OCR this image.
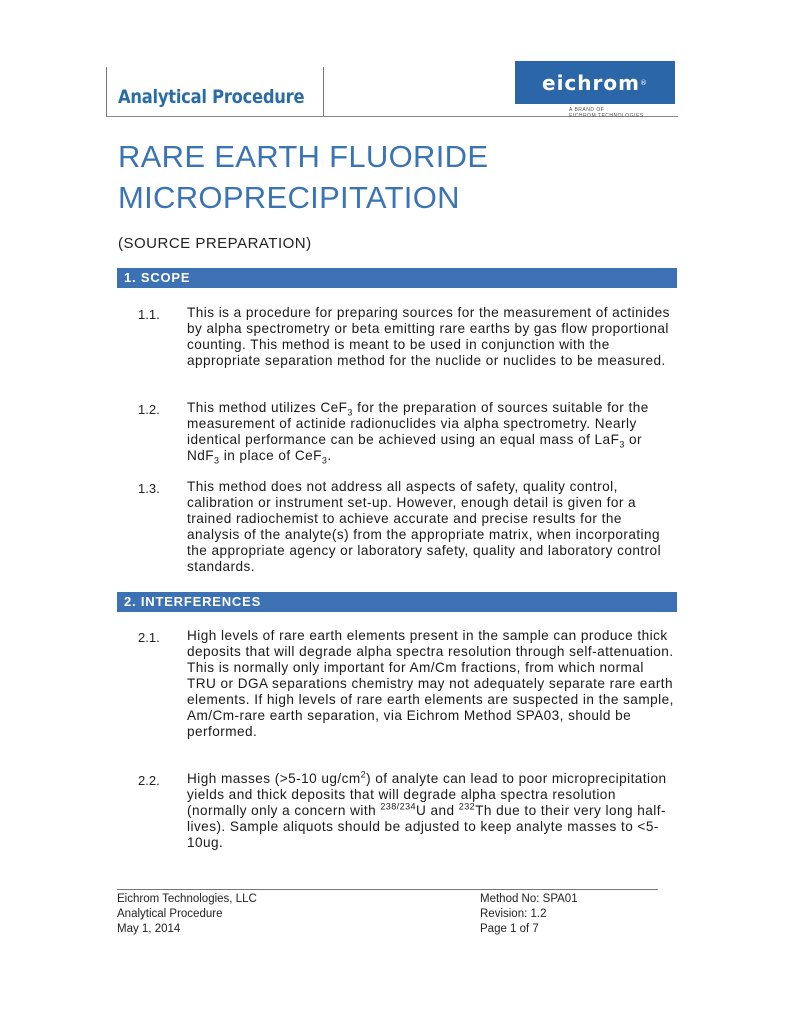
Analytical Procedure
eichrom ®
A BRAND OF
EICHROM TECHNOLOGIES
RARE EARTH FLUORIDE
MICROPRECIPITATION
(SOURCE PREPARATION)
1. SCOPE
1.1. This is a procedure for preparing sources for the measurement of actinides by alpha spectrometry or beta emitting rare earths by gas flow proportional counting. This method is meant to be used in conjunction with the appropriate separation method for the nuclide or nuclides to be measured.
1.2. This method utilizes CeF$_3$ for the preparation of sources suitable for the measurement of actinide radionuclides via alpha spectrometry. Nearly identical performance can be achieved using an equal mass of LaF$_3$ or NdF$_3$ in place of CeF$_3$.
1.3. This method does not address all aspects of safety, quality control, calibration or instrument set-up. However, enough detail is given for a trained radiochemist to achieve accurate and precise results for the analysis of the analyte(s) from the appropriate matrix, when incorporating the appropriate agency or laboratory safety, quality and laboratory control standards.
2. INTERFERENCES
2.1. High levels of rare earth elements present in the sample can produce thick deposits that will degrade alpha spectra resolution through self-attenuation. This is normally only important for Am/Cm fractions, from which normal TRU or DGA separations chemistry may not adequately separate rare earth elements. If high levels of rare earth elements are suspected in the sample, Am/Cm-rare earth separation, via Eichrom Method SPA03, should be performed.
2.2. High masses (>5-10 $ug/cm^2$) of analyte can lead to poor microprecipitation yields and thick deposits that will degrade alpha spectra resolution (normally only a concern with $^{238/234}$U and $^{232}$Th due to their very long half-lives). Sample aliquots should be adjusted to keep analyte masses to <5-10ug.
Eichrom Technologies, LLC
Analytical Procedure
May 1, 2014
Method No: SPA01
Revision: 1.2
Page 1 of 7
